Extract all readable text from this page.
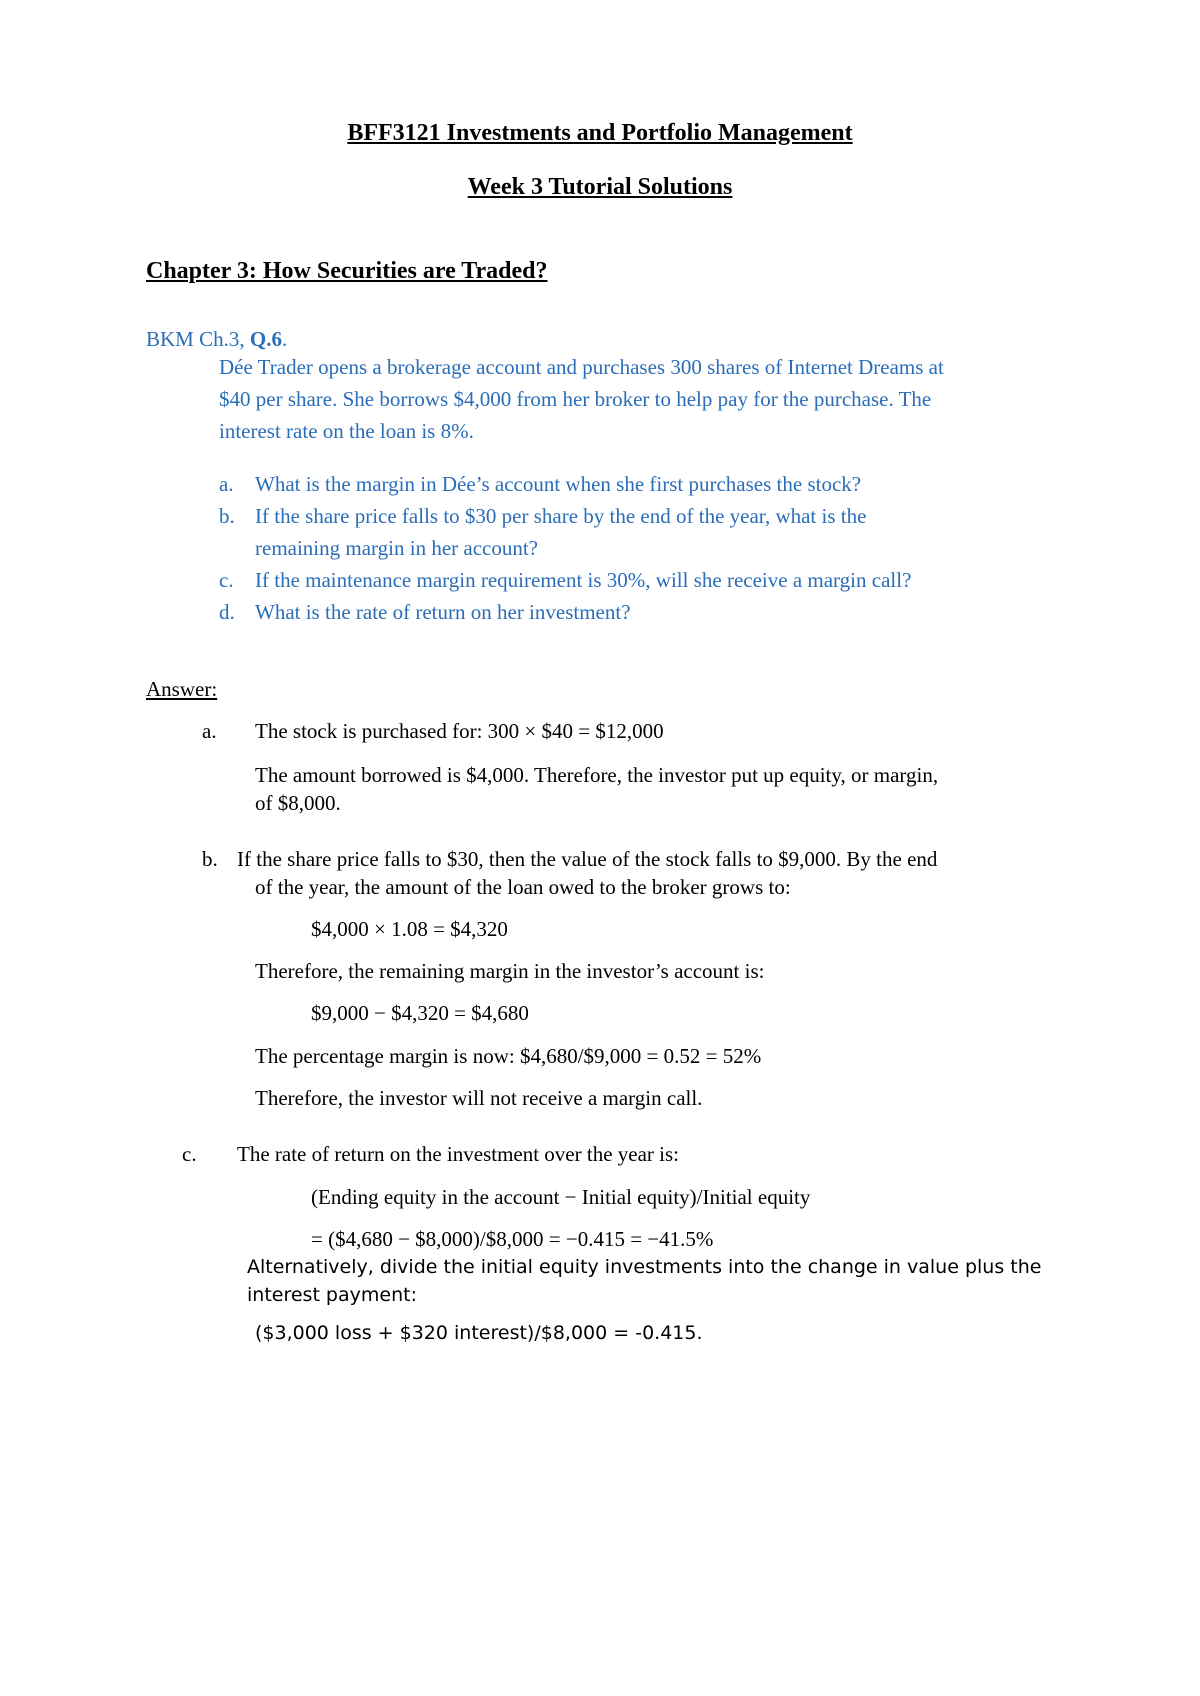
BFF3121 Investments and Portfolio Management
Week 3 Tutorial Solutions
Chapter 3: How Securities are Traded?
BKM Ch.3, Q.6.
Dée Trader opens a brokerage account and purchases 300 shares of Internet Dreams at
$40 per share. She borrows $4,000 from her broker to help pay for the purchase. The
interest rate on the loan is 8%.
a. What is the margin in Dée’s account when she first purchases the stock?
b. If the share price falls to $30 per share by the end of the year, what is the
remaining margin in her account?
c. If the maintenance margin requirement is 30%, will she receive a margin call?
d. What is the rate of return on her investment?
Answer:
a. The stock is purchased for: 300 × $40 = $12,000
The amount borrowed is $4,000. Therefore, the investor put up equity, or margin,
of $8,000.
b. If the share price falls to $30, then the value of the stock falls to $9,000. By the end
of the year, the amount of the loan owed to the broker grows to:
$4,000 × 1.08 = $4,320
Therefore, the remaining margin in the investor’s account is:
$9,000 − $4,320 = $4,680
The percentage margin is now: $4,680/$9,000 = 0.52 = 52%
Therefore, the investor will not receive a margin call.
c. The rate of return on the investment over the year is:
(Ending equity in the account − Initial equity)/Initial equity
= ($4,680 − $8,000)/$8,000 = −0.415 = −41.5%
Alternatively, divide the initial equity investments into the change in value plus the
interest payment:
($3,000 loss + $320 interest)/$8,000 = -0.415.
